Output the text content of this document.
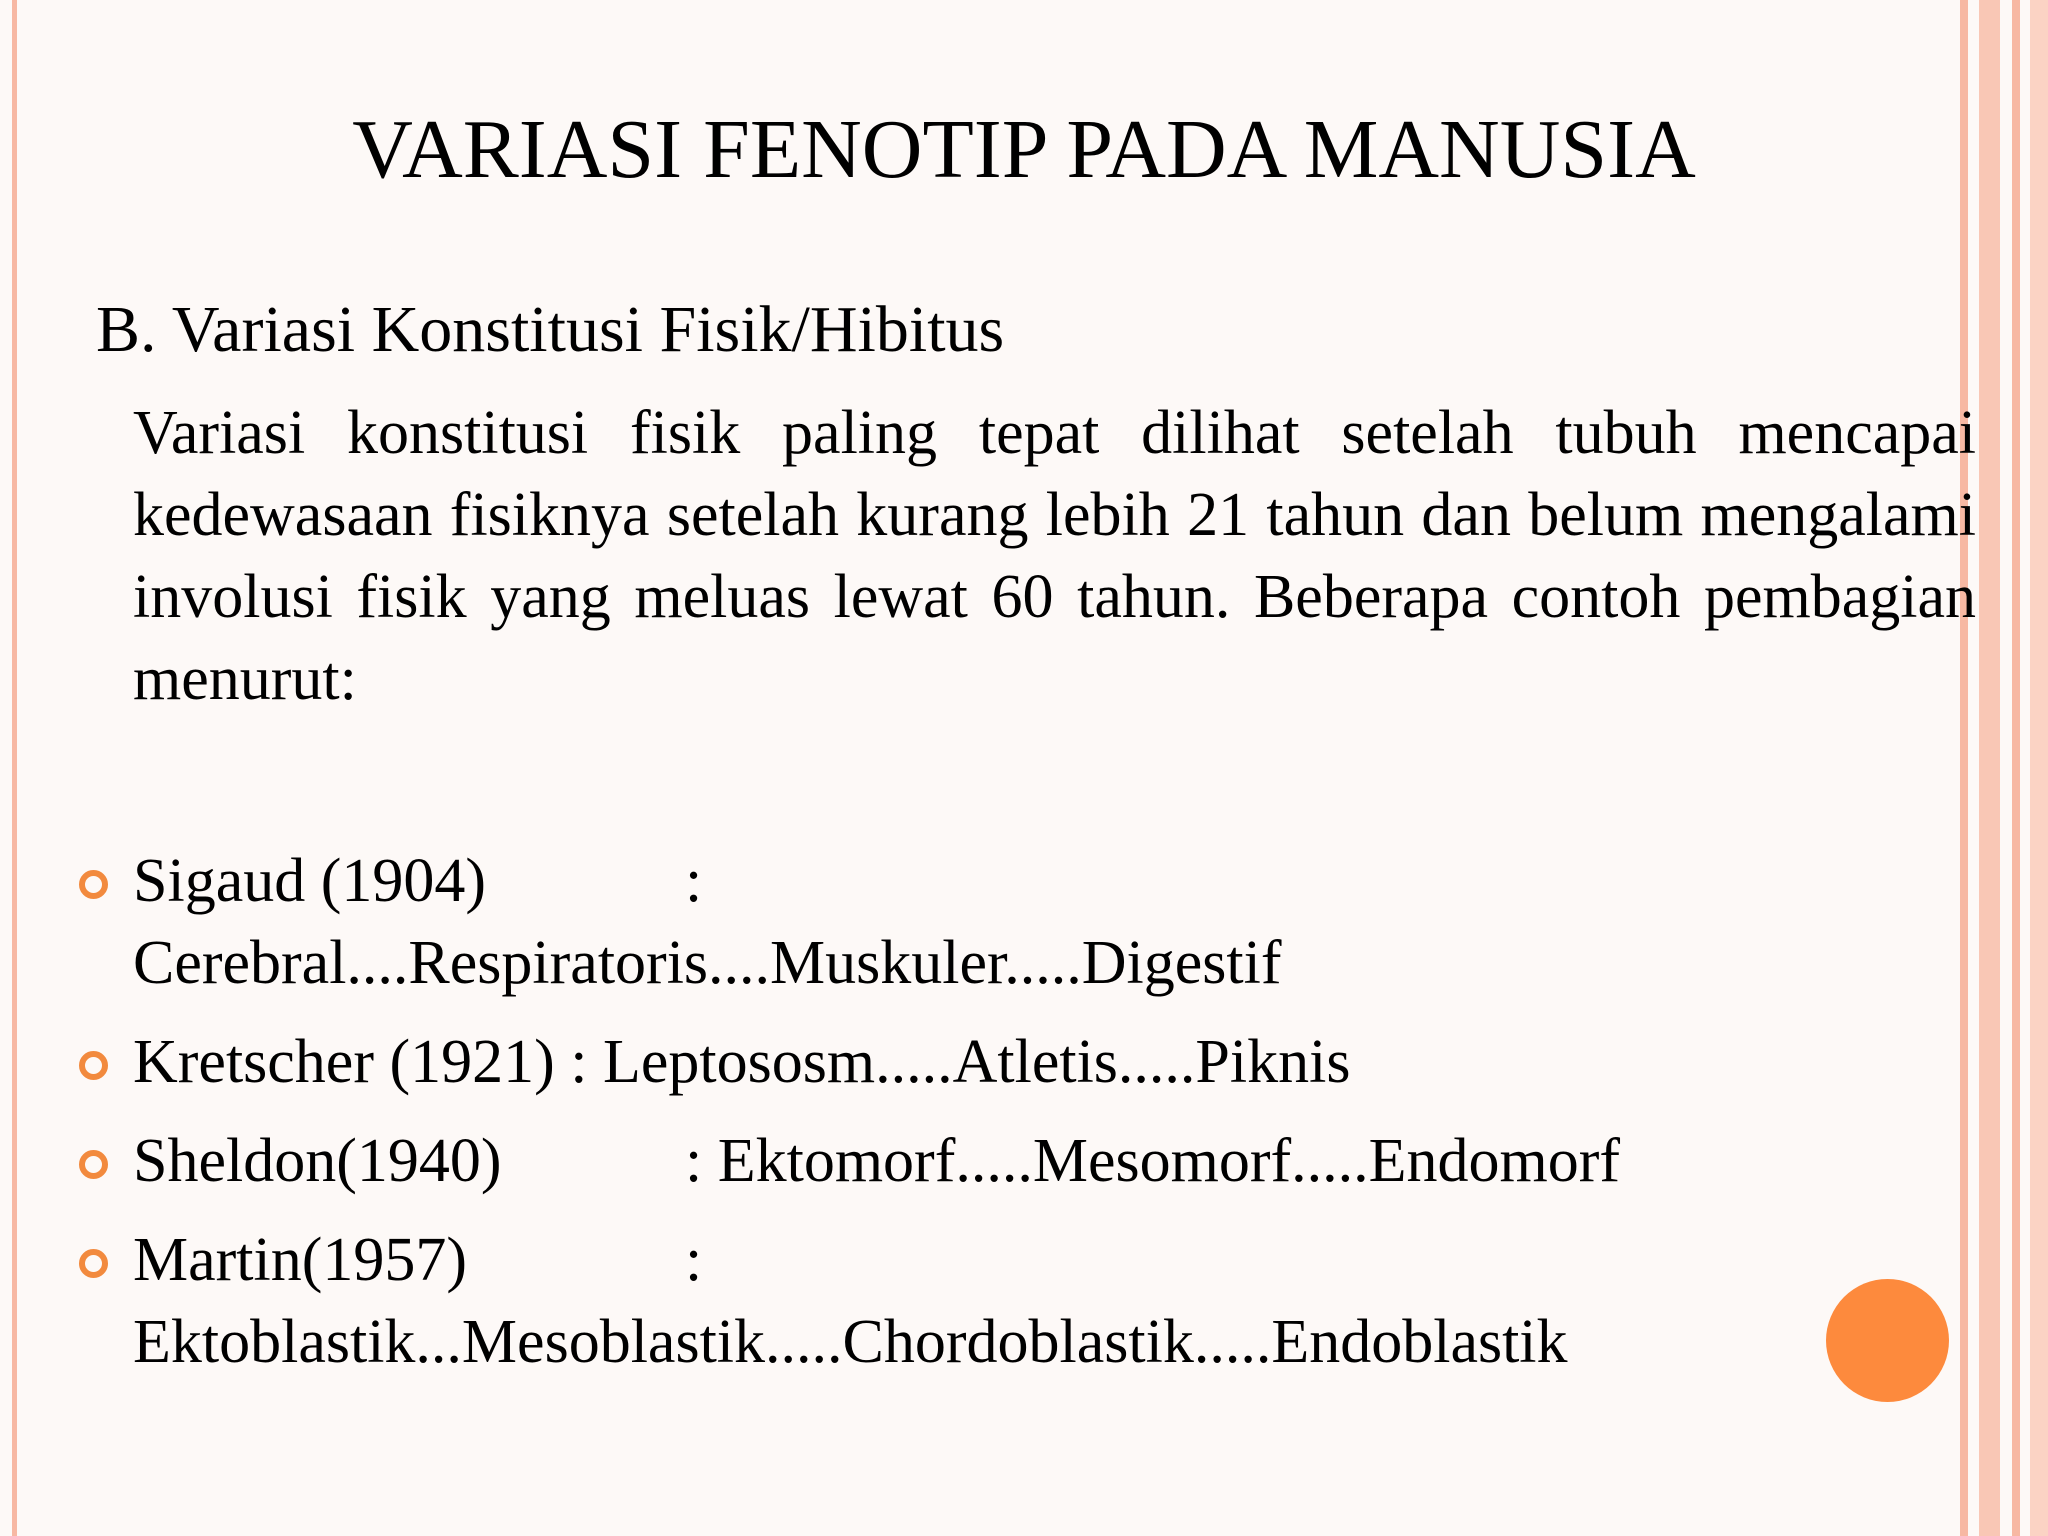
VARIASI FENOTIP PADA MANUSIA
B. Variasi Konstitusi Fisik/Hibitus
Variasi konstitusi fisik paling tepat dilihat setelah tubuh mencapai kedewasaan fisiknya setelah kurang lebih 21 tahun dan belum mengalami involusi fisik yang meluas lewat 60 tahun. Beberapa contoh pembagian menurut:
Sigaud (1904)	:
Cerebral....Respiratoris....Muskuler.....Digestif
Kretscher (1921) : Leptososm.....Atletis.....Piknis
Sheldon(1940)	: Ektomorf.....Mesomorf.....Endomorf
Martin(1957)	:
Ektoblastik...Mesoblastik.....Chordoblastik.....Endoblastik
